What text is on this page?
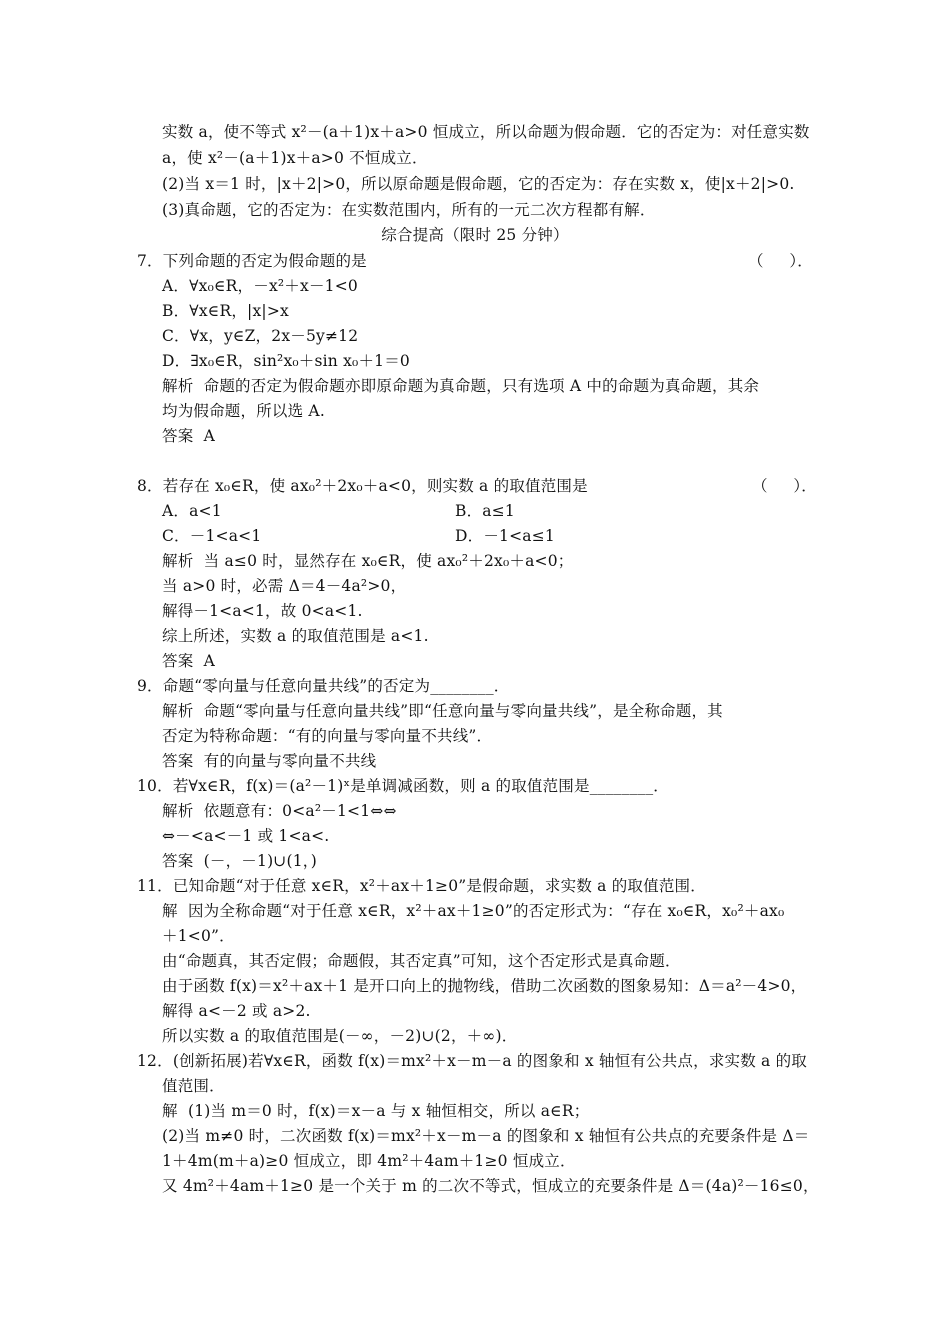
实数 a，使不等式 x²－(a＋1)x＋a>0 恒成立，所以命题为假命题．它的否定为：对任意实数
a，使 x²－(a＋1)x＋a>0 不恒成立．
(2)当 x＝1 时，|x＋2|>0，所以原命题是假命题，它的否定为：存在实数 x，使|x＋2|>0.
(3)真命题，它的否定为：在实数范围内，所有的一元二次方程都有解．
综合提高（限时 25 分钟）
7．下列命题的否定为假命题的是	（     ）．
A．∀x₀∈R，－x²＋x－1<0
B．∀x∈R，|x|>x
C．∀x，y∈Z，2x－5y≠12
D．∃x₀∈R，sin²x₀＋sin x₀＋1＝0
解析  命题的否定为假命题亦即原命题为真命题，只有选项 A 中的命题为真命题，其余
均为假命题，所以选 A.
答案  A
8．若存在 x₀∈R，使 ax₀²＋2x₀＋a<0，则实数 a 的取值范围是	（     ）．
A．a<1	B．a≤1
C．－1<a<1	D．－1<a≤1
解析  当 a≤0 时，显然存在 x₀∈R，使 ax₀²＋2x₀＋a<0；
当 a>0 时，必需 Δ＝4－4a²>0，
解得－1<a<1，故 0<a<1.
综上所述，实数 a 的取值范围是 a<1.
答案  A
9．命题“零向量与任意向量共线”的否定为________．
解析  命题“零向量与任意向量共线”即“任意向量与零向量共线”，是全称命题，其
否定为特称命题：“有的向量与零向量不共线”．
答案  有的向量与零向量不共线
10．若∀x∈R，f(x)＝(a²－1)ˣ是单调减函数，则 a 的取值范围是________．
解析  依题意有：0<a²－1<1⇔⇔
⇔－<a<－1 或 1<a<.
答案  (－，－1)∪(1，)
11．已知命题“对于任意 x∈R，x²＋ax＋1≥0”是假命题，求实数 a 的取值范围．
解  因为全称命题“对于任意 x∈R，x²＋ax＋1≥0”的否定形式为：“存在 x₀∈R，x₀²＋ax₀
＋1<0”．
由“命题真，其否定假；命题假，其否定真”可知，这个否定形式是真命题．
由于函数 f(x)＝x²＋ax＋1 是开口向上的抛物线，借助二次函数的图象易知：Δ＝a²－4>0，
解得 a<－2 或 a>2.
所以实数 a 的取值范围是(－∞，－2)∪(2，＋∞)．
12．(创新拓展)若∀x∈R，函数 f(x)＝mx²＋x－m－a 的图象和 x 轴恒有公共点，求实数 a 的取
值范围．
解  (1)当 m＝0 时，f(x)＝x－a 与 x 轴恒相交，所以 a∈R；
(2)当 m≠0 时，二次函数 f(x)＝mx²＋x－m－a 的图象和 x 轴恒有公共点的充要条件是 Δ＝
1＋4m(m＋a)≥0 恒成立，即 4m²＋4am＋1≥0 恒成立．
又 4m²＋4am＋1≥0 是一个关于 m 的二次不等式，恒成立的充要条件是 Δ＝(4a)²－16≤0，
